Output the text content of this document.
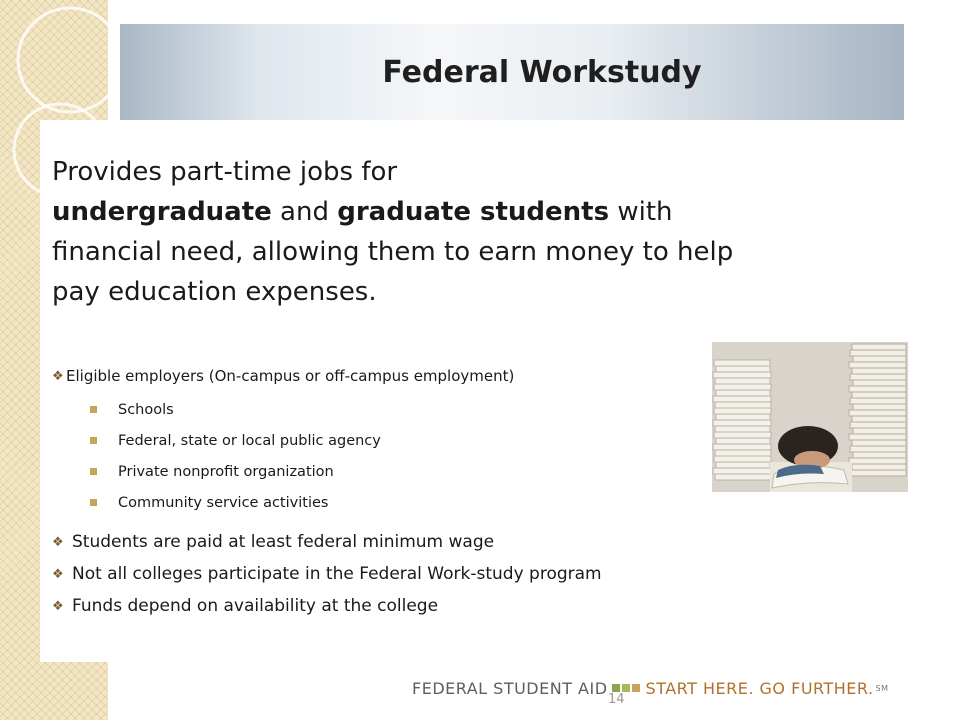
Federal Workstudy

Provides part-time jobs for
undergraduate and graduate students with financial need, allowing them to earn money to help pay education expenses.

❖ Eligible employers (On-campus or off-campus employment)
Schools
Federal, state or local public agency
Private nonprofit organization
Community service activities
❖ Students are paid at least federal minimum wage
❖ Not all colleges participate in the Federal Work-study program
❖ Funds depend on availability at the college
FEDERAL STUDENT AID START HERE. GO FURTHER. SM
14
